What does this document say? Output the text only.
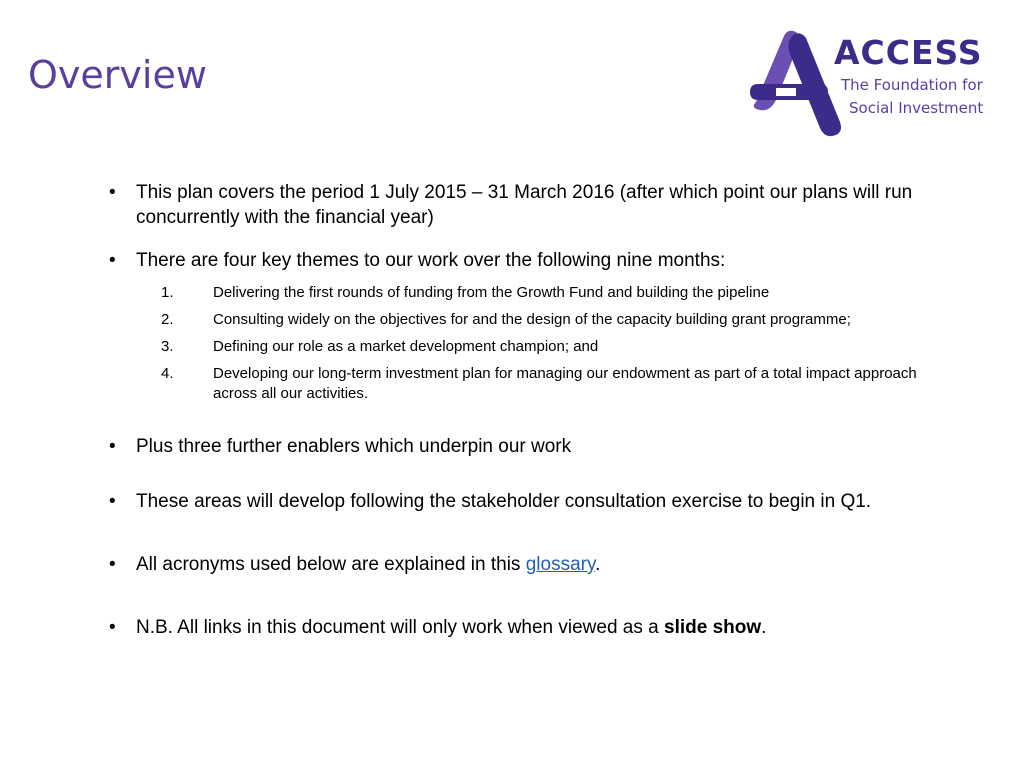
Overview
ACCESS
The Foundation for
Social Investment
• This plan covers the period 1 July 2015 – 31 March 2016 (after which point our plans will run concurrently with the financial year)
• There are four key themes to our work over the following nine months:
1.	Delivering the first rounds of funding from the Growth Fund and building the pipeline
2.	Consulting widely on the objectives for and the design of the capacity building grant programme;
3.	Defining our role as a market development champion; and
4.	Developing our long-term investment plan for managing our endowment as part of a total impact approach across all our activities.
• Plus three further enablers which underpin our work
• These areas will develop following the stakeholder consultation exercise to begin in Q1.
• All acronyms used below are explained in this glossary.
• N.B. All links in this document will only work when viewed as a slide show.
